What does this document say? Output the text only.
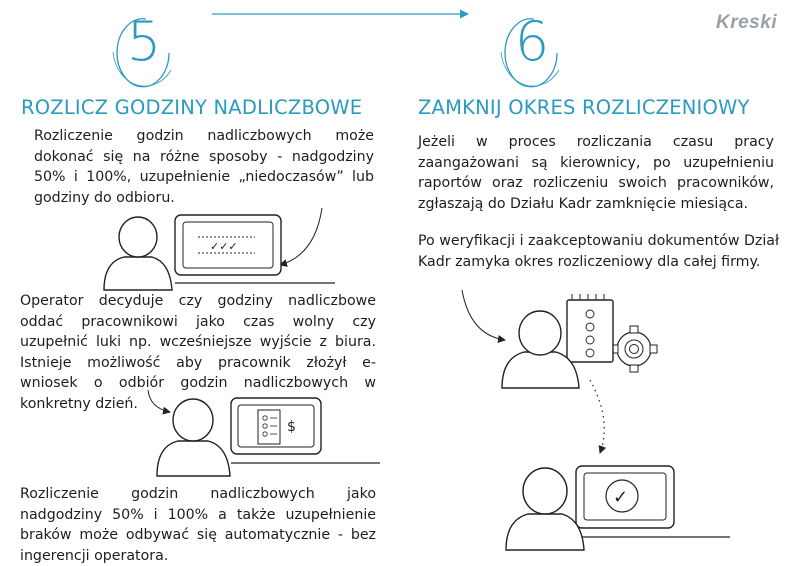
Kreski
5	6
ROZLICZ GODZINY NADLICZBOWE	ZAMKNIJ OKRES ROZLICZENIOWY
Rozliczenie godzin nadliczbowych może dokonać się na różne sposoby - nadgodziny 50% i 100%, uzupełnienie „niedoczasów” lub godziny do odbioru.
Operator decyduje czy godziny nadliczbowe oddać pracownikowi jako czas wolny czy uzupełnić luki np. wcześniejsze wyjście z biura. Istnieje możliwość aby pracownik złożył e-wniosek o odbiór godzin nadliczbowych w konkretny dzień.
Rozliczenie godzin nadliczbowych jako nadgodziny 50% i 100% a także uzupełnienie braków może odbywać się automatycznie - bez ingerencji operatora.
Jeżeli w proces rozliczania czasu pracy zaangażowani są kierownicy, po uzupełnieniu raportów oraz rozliczeniu swoich pracowników, zgłaszają do Działu Kadr zamknięcie miesiąca.
Po weryfikacji i zaakceptowaniu dokumentów Dział Kadr zamyka okres rozliczeniowy dla całej firmy.
✓✓✓
$
✓
